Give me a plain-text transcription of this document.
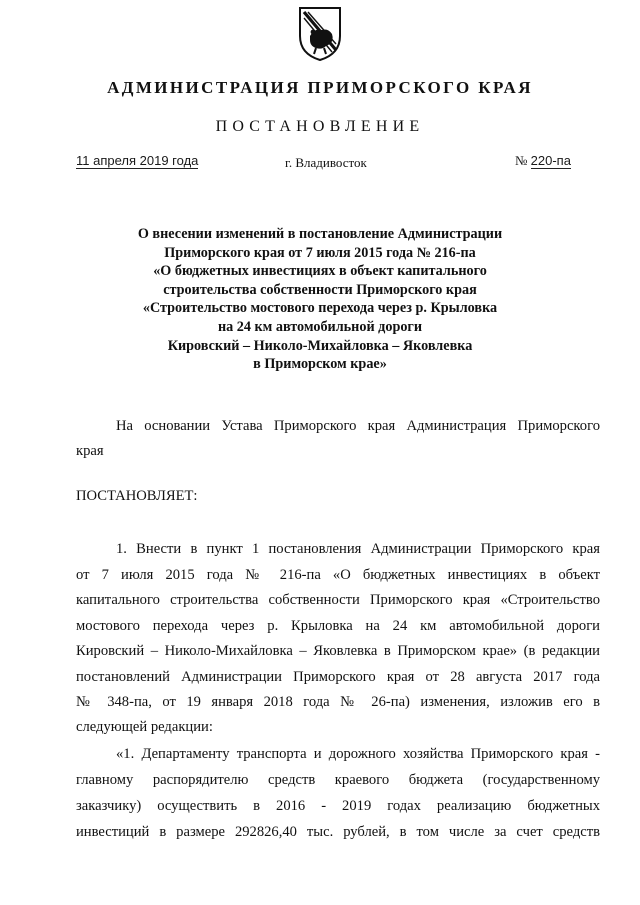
АДМИНИСТРАЦИЯ ПРИМОРСКОГО КРАЯ
ПОСТАНОВЛЕНИЕ
11 апреля 2019 года	г. Владивосток	№ 220-па
О внесении изменений в постановление Администрации
Приморского края от 7 июля 2015 года № 216-па
«О бюджетных инвестициях в объект капитального
строительства собственности Приморского края
«Строительство мостового перехода через р. Крыловка
на 24 км автомобильной дороги
Кировский – Николо-Михайловка – Яковлевка
в Приморском крае»
На основании Устава Приморского края Администрация Приморского
края
ПОСТАНОВЛЯЕТ:
1. Внести в пункт 1 постановления Администрации Приморского края
от 7 июля 2015 года № 216-па «О бюджетных инвестициях в объект
капитального строительства собственности Приморского края «Строительство
мостового перехода через р. Крыловка на 24 км автомобильной дороги
Кировский – Николо-Михайловка – Яковлевка в Приморском крае» (в редакции
постановлений Администрации Приморского края от 28 августа 2017 года
№ 348-па, от 19 января 2018 года № 26-па) изменения, изложив его в
следующей редакции:
«1. Департаменту транспорта и дорожного хозяйства Приморского края -
главному распорядителю средств краевого бюджета (государственному
заказчику) осуществить в 2016 - 2019 годах реализацию бюджетных
инвестиций в размере 292826,40 тыс. рублей, в том числе за счет средств
